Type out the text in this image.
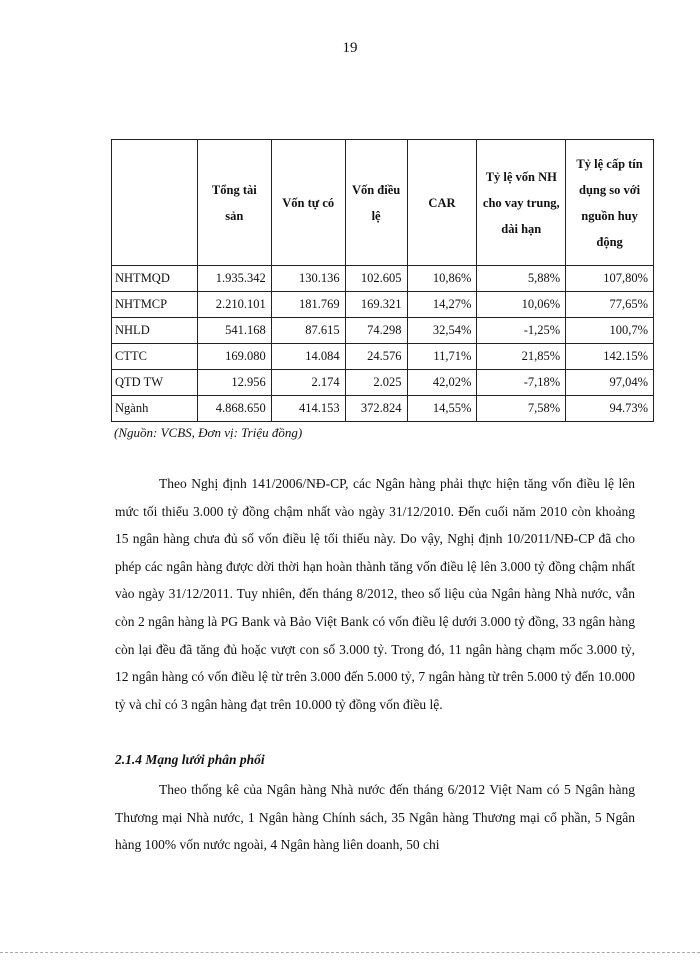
19
	Tổng tài sản	Vốn tự có	Vốn điều lệ	CAR	Tỷ lệ vốn NH cho vay trung, dài hạn	Tỷ lệ cấp tín dụng so với nguồn huy động
NHTMQD	1.935.342	130.136	102.605	10,86%	5,88%	107,80%
NHTMCP	2.210.101	181.769	169.321	14,27%	10,06%	77,65%
NHLD	541.168	87.615	74.298	32,54%	-1,25%	100,7%
CTTC	169.080	14.084	24.576	11,71%	21,85%	142.15%
QTD TW	12.956	2.174	2.025	42,02%	-7,18%	97,04%
Ngành	4.868.650	414.153	372.824	14,55%	7,58%	94.73%
(Nguồn: VCBS, Đơn vị: Triệu đồng)

Theo Nghị định 141/2006/NĐ-CP, các Ngân hàng phải thực hiện tăng vốn điều lệ lên mức tối thiểu 3.000 tỷ đồng chậm nhất vào ngày 31/12/2010. Đến cuối năm 2010 còn khoảng 15 ngân hàng chưa đủ số vốn điều lệ tối thiểu này. Do vậy, Nghị định 10/2011/NĐ-CP đã cho phép các ngân hàng được dời thời hạn hoàn thành tăng vốn điều lệ lên 3.000 tỷ đồng chậm nhất vào ngày 31/12/2011. Tuy nhiên, đến tháng 8/2012, theo số liệu của Ngân hàng Nhà nước, vẫn còn 2 ngân hàng là PG Bank và Bảo Việt Bank có vốn điều lệ dưới 3.000 tỷ đồng, 33 ngân hàng còn lại đều đã tăng đủ hoặc vượt con số 3.000 tỷ. Trong đó, 11 ngân hàng chạm mốc 3.000 tỷ, 12 ngân hàng có vốn điều lệ từ trên 3.000 đến 5.000 tỷ, 7 ngân hàng từ trên 5.000 tỷ đến 10.000 tỷ và chỉ có 3 ngân hàng đạt trên 10.000 tỷ đồng vốn điều lệ.

2.1.4 Mạng lưới phân phối

Theo thống kê của Ngân hàng Nhà nước đến tháng 6/2012 Việt Nam có 5 Ngân hàng Thương mại Nhà nước, 1 Ngân hàng Chính sách, 35 Ngân hàng Thương mại cổ phần, 5 Ngân hàng 100% vốn nước ngoài, 4 Ngân hàng liên doanh, 50 chi
